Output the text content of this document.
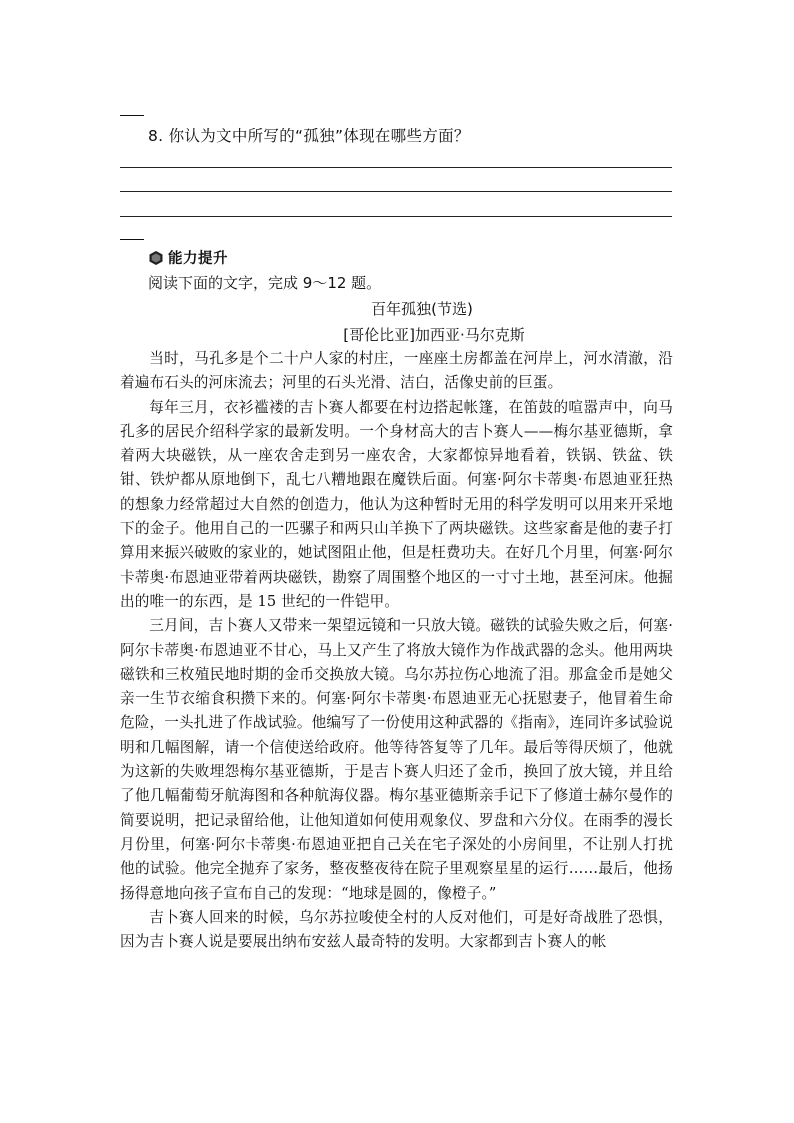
8. 你认为文中所写的“孤独”体现在哪些方面？
能力提升
阅读下面的文字，完成 9～12 题。
百年孤独(节选)
[哥伦比亚]加西亚·马尔克斯

当时，马孔多是个二十户人家的村庄，一座座土房都盖在河岸上，河水清澈，沿着遍布石头的河床流去；河里的石头光滑、洁白，活像史前的巨蛋。

每年三月，衣衫褴褛的吉卜赛人都要在村边搭起帐篷，在笛鼓的喧嚣声中，向马孔多的居民介绍科学家的最新发明。一个身材高大的吉卜赛人——梅尔基亚德斯，拿着两大块磁铁，从一座农舍走到另一座农舍，大家都惊异地看着，铁锅、铁盆、铁钳、铁炉都从原地倒下，乱七八糟地跟在魔铁后面。何塞·阿尔卡蒂奥·布恩迪亚狂热的想象力经常超过大自然的创造力，他认为这种暂时无用的科学发明可以用来开采地下的金子。他用自己的一匹骡子和两只山羊换下了两块磁铁。这些家畜是他的妻子打算用来振兴破败的家业的，她试图阻止他，但是枉费功夫。在好几个月里，何塞·阿尔卡蒂奥·布恩迪亚带着两块磁铁，勘察了周围整个地区的一寸寸土地，甚至河床。他掘出的唯一的东西，是 15 世纪的一件铠甲。

三月间，吉卜赛人又带来一架望远镜和一只放大镜。磁铁的试验失败之后，何塞·阿尔卡蒂奥·布恩迪亚不甘心，马上又产生了将放大镜作为作战武器的念头。他用两块磁铁和三枚殖民地时期的金币交换放大镜。乌尔苏拉伤心地流了泪。那盒金币是她父亲一生节衣缩食积攒下来的。何塞·阿尔卡蒂奥·布恩迪亚无心抚慰妻子，他冒着生命危险，一头扎进了作战试验。他编写了一份使用这种武器的《指南》，连同许多试验说明和几幅图解，请一个信使送给政府。他等待答复等了几年。最后等得厌烦了，他就为这新的失败埋怨梅尔基亚德斯，于是吉卜赛人归还了金币，换回了放大镜，并且给了他几幅葡萄牙航海图和各种航海仪器。梅尔基亚德斯亲手记下了修道士赫尔曼作的简要说明，把记录留给他，让他知道如何使用观象仪、罗盘和六分仪。在雨季的漫长月份里，何塞·阿尔卡蒂奥·布恩迪亚把自己关在宅子深处的小房间里，不让别人打扰他的试验。他完全抛弃了家务，整夜整夜待在院子里观察星星的运行……最后，他扬扬得意地向孩子宣布自己的发现：“地球是圆的，像橙子。”

吉卜赛人回来的时候，乌尔苏拉唆使全村的人反对他们，可是好奇战胜了恐惧，因为吉卜赛人说是要展出纳布安兹人最奇特的发明。大家都到吉卜赛人的帐
